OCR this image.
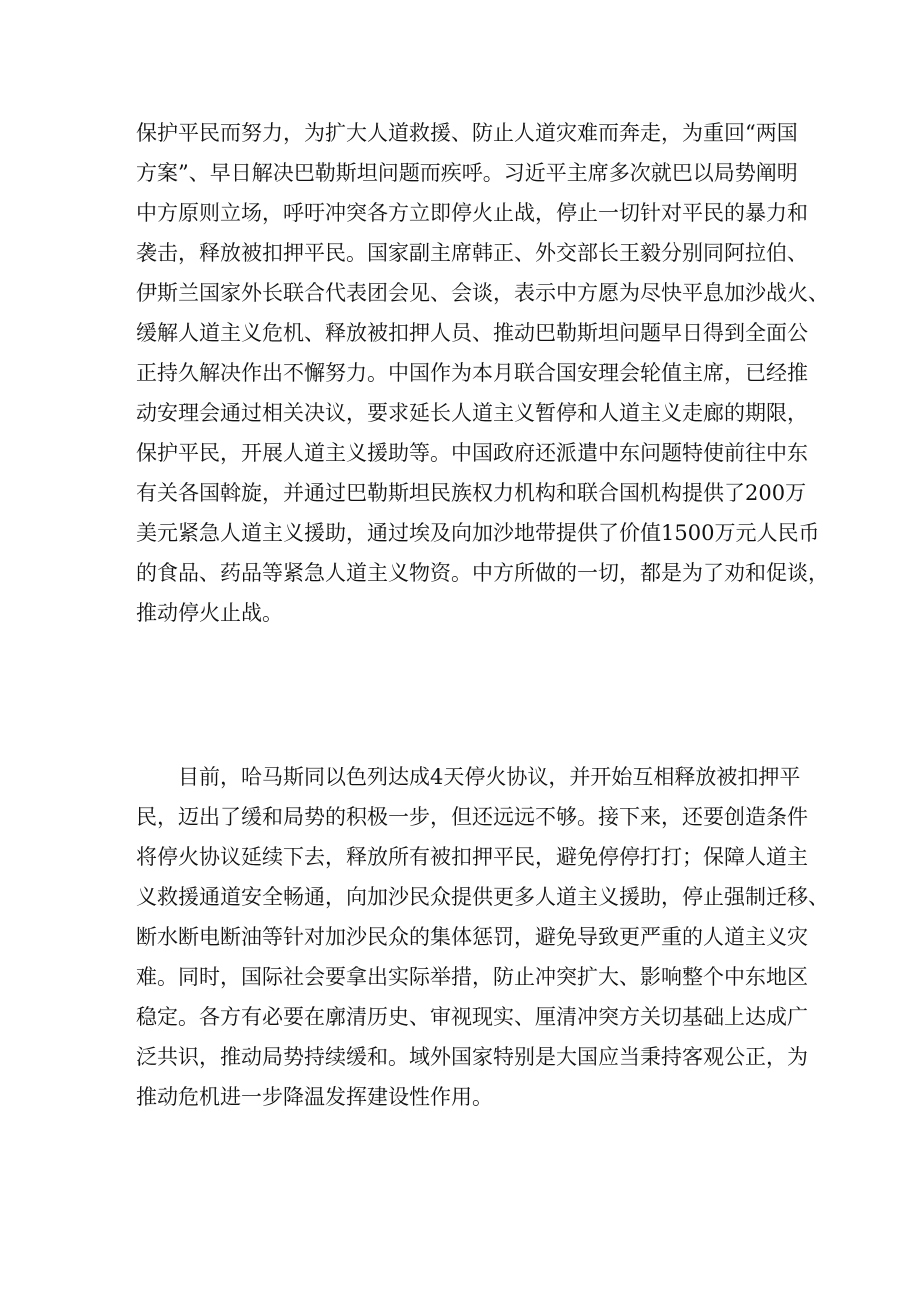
保护平民而努力，为扩大人道救援、防止人道灾难而奔走，为重回“两国
方案”、早日解决巴勒斯坦问题而疾呼。习近平主席多次就巴以局势阐明
中方原则立场，呼吁冲突各方立即停火止战，停止一切针对平民的暴力和
袭击，释放被扣押平民。国家副主席韩正、外交部长王毅分别同阿拉伯、
伊斯兰国家外长联合代表团会见、会谈，表示中方愿为尽快平息加沙战火、
缓解人道主义危机、释放被扣押人员、推动巴勒斯坦问题早日得到全面公
正持久解决作出不懈努力。中国作为本月联合国安理会轮值主席，已经推
动安理会通过相关决议，要求延长人道主义暂停和人道主义走廊的期限，
保护平民，开展人道主义援助等。中国政府还派遣中东问题特使前往中东
有关各国斡旋，并通过巴勒斯坦民族权力机构和联合国机构提供了200万
美元紧急人道主义援助，通过埃及向加沙地带提供了价值1500万元人民币
的食品、药品等紧急人道主义物资。中方所做的一切，都是为了劝和促谈，
推动停火止战。
目前，哈马斯同以色列达成4天停火协议，并开始互相释放被扣押平
民，迈出了缓和局势的积极一步，但还远远不够。接下来，还要创造条件
将停火协议延续下去，释放所有被扣押平民，避免停停打打；保障人道主
义救援通道安全畅通，向加沙民众提供更多人道主义援助，停止强制迁移、
断水断电断油等针对加沙民众的集体惩罚，避免导致更严重的人道主义灾
难。同时，国际社会要拿出实际举措，防止冲突扩大、影响整个中东地区
稳定。各方有必要在廓清历史、审视现实、厘清冲突方关切基础上达成广
泛共识，推动局势持续缓和。域外国家特别是大国应当秉持客观公正，为
推动危机进一步降温发挥建设性作用。
